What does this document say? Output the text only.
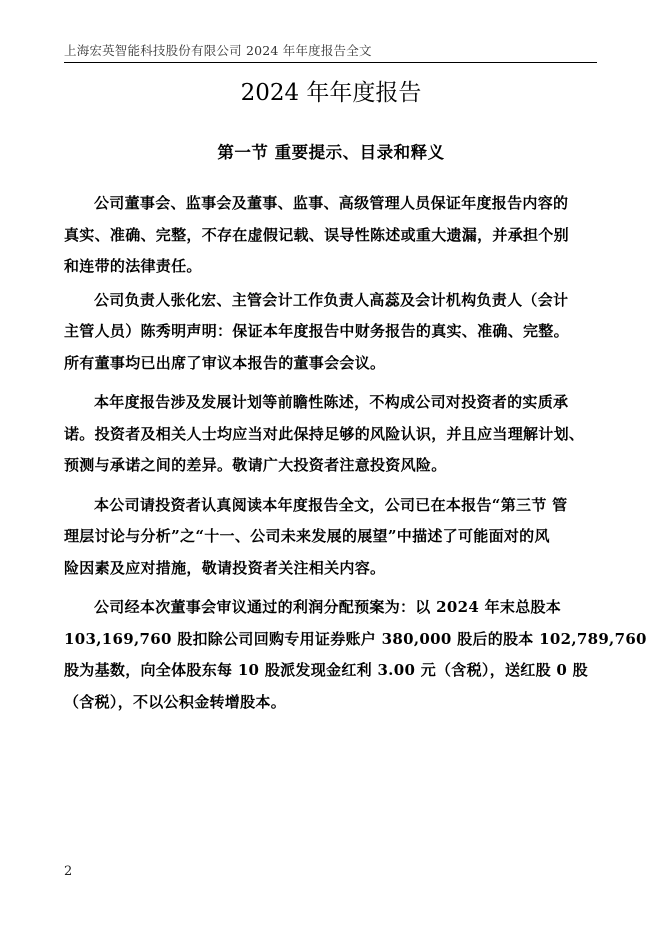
上海宏英智能科技股份有限公司 2024 年年度报告全文
2024 年年度报告
第一节 重要提示、目录和释义

公司董事会、监事会及董事、监事、高级管理人员保证年度报告内容的
真实、准确、完整，不存在虚假记载、误导性陈述或重大遗漏，并承担个别
和连带的法律责任。

公司负责人张化宏、主管会计工作负责人高蕊及会计机构负责人（会计
主管人员）陈秀明声明：保证本年度报告中财务报告的真实、准确、完整。
所有董事均已出席了审议本报告的董事会会议。

本年度报告涉及发展计划等前瞻性陈述，不构成公司对投资者的实质承
诺。投资者及相关人士均应当对此保持足够的风险认识，并且应当理解计划、
预测与承诺之间的差异。敬请广大投资者注意投资风险。

本公司请投资者认真阅读本年度报告全文，公司已在本报告“第三节 管
理层讨论与分析”之“十一、公司未来发展的展望”中描述了可能面对的风
险因素及应对措施，敬请投资者关注相关内容。

公司经本次董事会审议通过的利润分配预案为：以 2024 年末总股本
103,169,760 股扣除公司回购专用证券账户 380,000 股后的股本 102,789,760
股为基数，向全体股东每 10 股派发现金红利 3.00 元（含税），送红股 0 股
（含税），不以公积金转增股本。

2
